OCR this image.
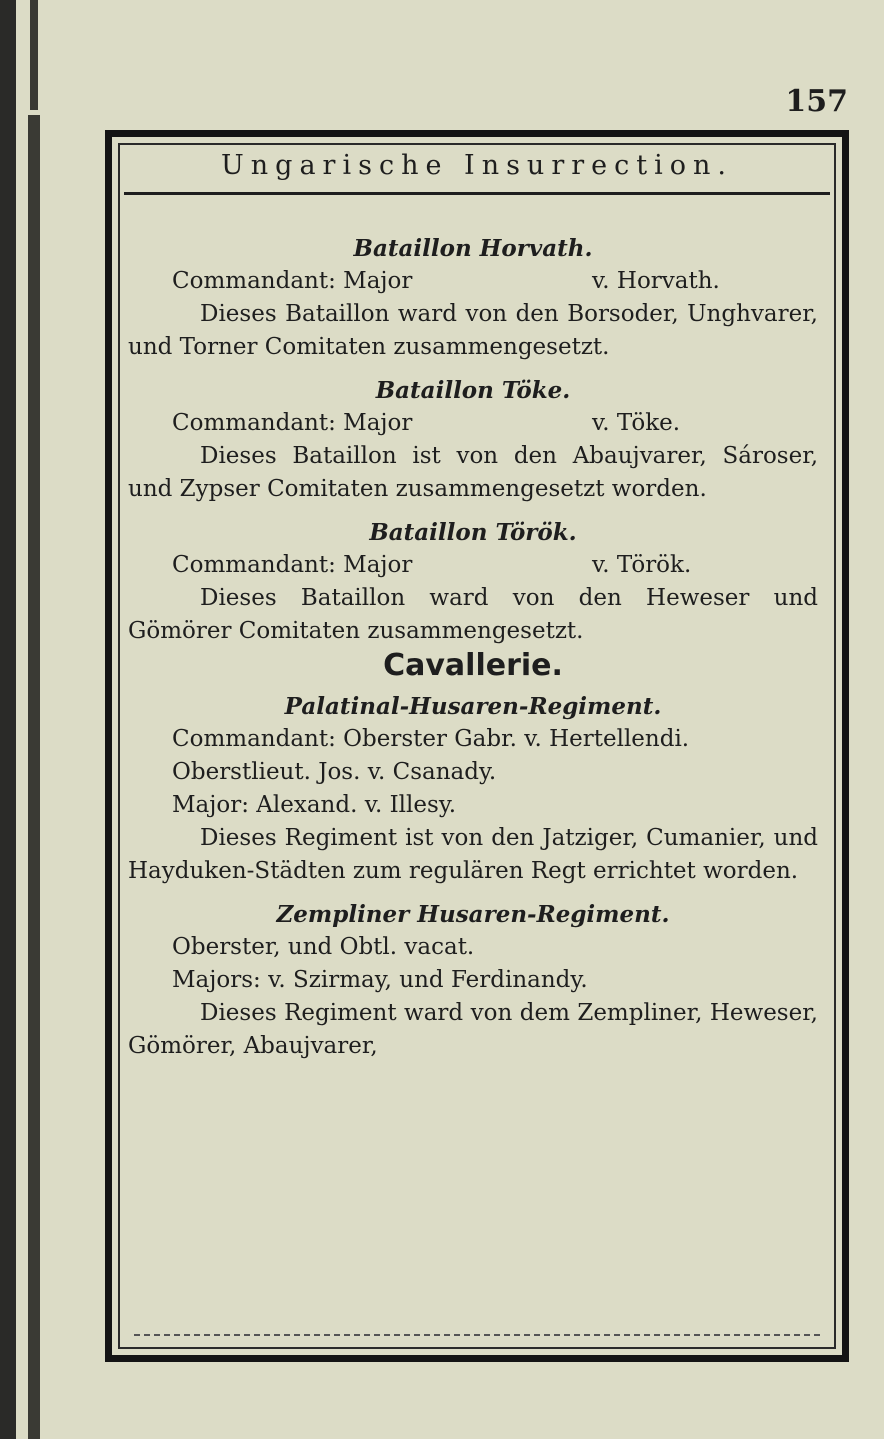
157
Ungarische Insurrection.

Bataillon Horvath.

Commandant: Major	v. Horvath.

Dieses Bataillon ward von den Borsoder, Unghvarer, und Torner Comitaten zusammengesetzt.

Bataillon Töke.

Commandant: Major	v. Töke.

Dieses Bataillon ist von den Abaujvarer, Sároser, und Zypser Comitaten zusammengesetzt worden.

Bataillon Török.

Commandant: Major	v. Török.

Dieses Bataillon ward von den Heweser und Gömörer Comitaten zusammengesetzt.

Cavallerie.

Palatinal-Husaren-Regiment.

Commandant: Oberster Gabr. v. Hertellendi.

Oberstlieut. Jos. v. Csanady.

Major: Alexand. v. Illesy.

Dieses Regiment ist von den Jatziger, Cumanier, und Hayduken-Städten zum regulären Regt errichtet worden.

Zempliner Husaren-Regiment.

Oberster, und Obtl. vacat.

Majors: v. Szirmay, und Ferdinandy.

Dieses Regiment ward von dem Zempliner, Heweser, Gömörer, Abaujvarer,
